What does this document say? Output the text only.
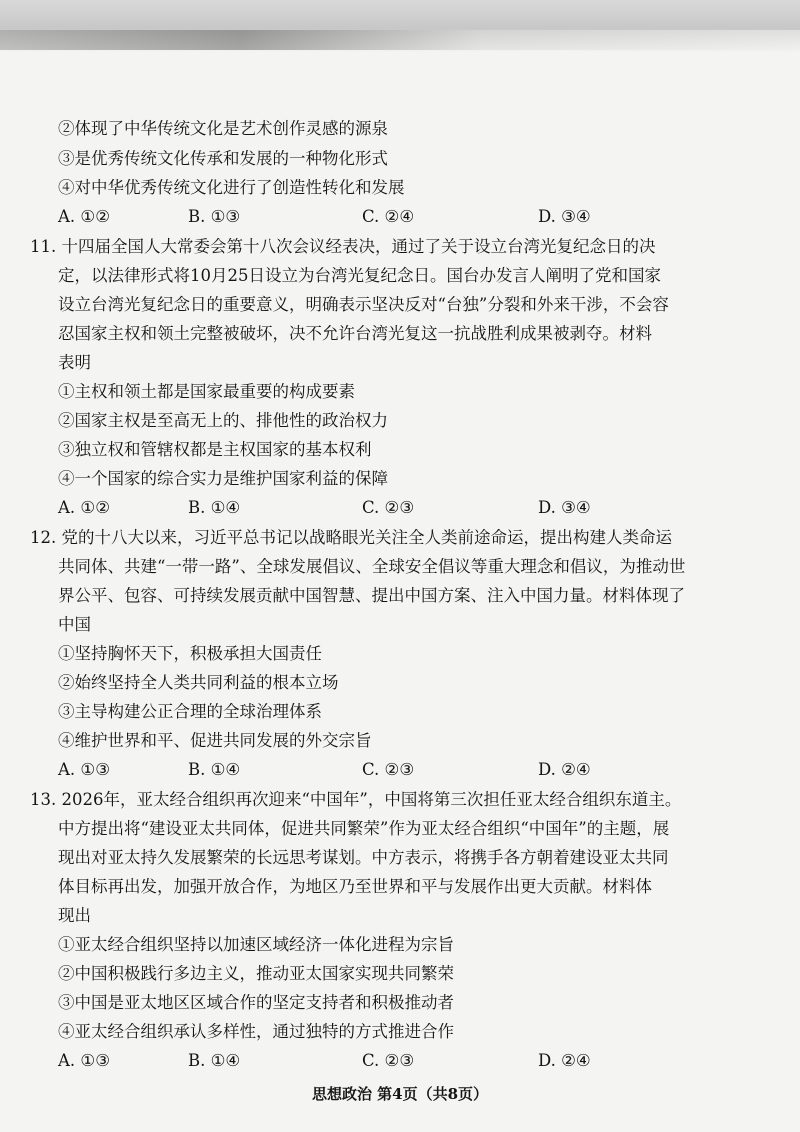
②体现了中华传统文化是艺术创作灵感的源泉
③是优秀传统文化传承和发展的一种物化形式
④对中华优秀传统文化进行了创造性转化和发展
A. ①②	B. ①③	C. ②④	D. ③④
11. 十四届全国人大常委会第十八次会议经表决，通过了关于设立台湾光复纪念日的决
定，以法律形式将10月25日设立为台湾光复纪念日。国台办发言人阐明了党和国家
设立台湾光复纪念日的重要意义，明确表示坚决反对“台独”分裂和外来干涉，不会容
忍国家主权和领土完整被破坏，决不允许台湾光复这一抗战胜利成果被剥夺。材料
表明
①主权和领土都是国家最重要的构成要素
②国家主权是至高无上的、排他性的政治权力
③独立权和管辖权都是主权国家的基本权利
④一个国家的综合实力是维护国家利益的保障
A. ①②	B. ①④	C. ②③	D. ③④
12. 党的十八大以来，习近平总书记以战略眼光关注全人类前途命运，提出构建人类命运
共同体、共建“一带一路”、全球发展倡议、全球安全倡议等重大理念和倡议，为推动世
界公平、包容、可持续发展贡献中国智慧、提出中国方案、注入中国力量。材料体现了
中国
①坚持胸怀天下，积极承担大国责任
②始终坚持全人类共同利益的根本立场
③主导构建公正合理的全球治理体系
④维护世界和平、促进共同发展的外交宗旨
A. ①③	B. ①④	C. ②③	D. ②④
13. 2026年，亚太经合组织再次迎来“中国年”，中国将第三次担任亚太经合组织东道主。
中方提出将“建设亚太共同体，促进共同繁荣”作为亚太经合组织“中国年”的主题，展
现出对亚太持久发展繁荣的长远思考谋划。中方表示，将携手各方朝着建设亚太共同
体目标再出发，加强开放合作，为地区乃至世界和平与发展作出更大贡献。材料体
现出
①亚太经合组织坚持以加速区域经济一体化进程为宗旨
②中国积极践行多边主义，推动亚太国家实现共同繁荣
③中国是亚太地区区域合作的坚定支持者和积极推动者
④亚太经合组织承认多样性，通过独特的方式推进合作
A. ①③	B. ①④	C. ②③	D. ②④
思想政治 第4页（共8页）
